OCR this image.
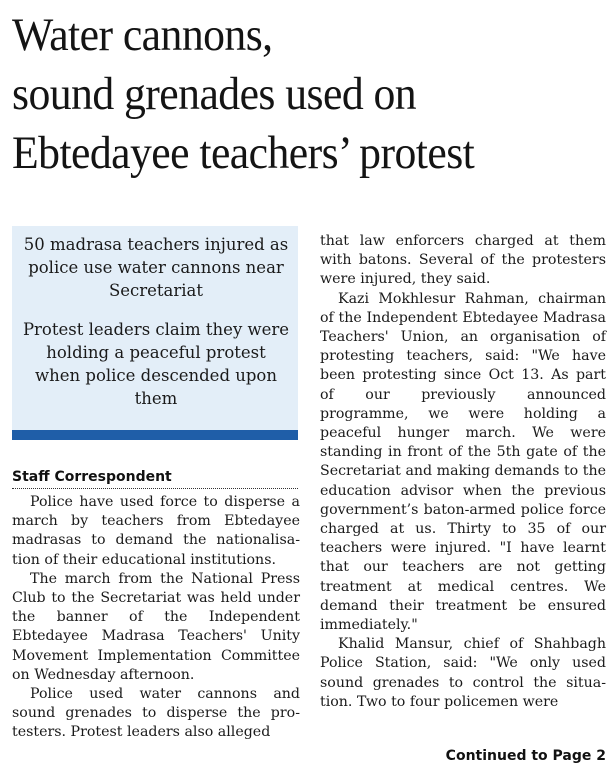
Water cannons,
sound grenades used on
Ebtedayee teachers’ protest
50 madrasa teachers injured as police use water cannons near Secretariat
Protest leaders claim they were holding a peaceful protest when police descended upon them
Staff Correspondent

Police have used force to disperse a march by teachers from Ebtedayee madrasas to demand the nationalisation of their educational institutions.

The march from the National Press Club to the Secretariat was held under the banner of the Independent Ebtedayee Madrasa Teachers' Unity Movement Implementation Committee on Wednesday afternoon.

Police used water cannons and sound grenades to disperse the protesters. Protest leaders also alleged

that law enforcers charged at them with batons. Several of the protesters were injured, they said.

Kazi Mokhlesur Rahman, chairman of the Independent Ebtedayee Madrasa Teachers' Union, an organisation of protesting teachers, said: "We have been protesting since Oct 13. As part of our previously announced programme, we were holding a peaceful hunger march. We were standing in front of the 5th gate of the Secretariat and making demands to the education advisor when the previous government’s baton-armed police force charged at us. Thirty to 35 of our teachers were injured. "I have learnt that our teachers are not getting treatment at medical centres. We demand their treatment be ensured immediately."

Khalid Mansur, chief of Shahbagh Police Station, said: "We only used sound grenades to control the situation. Two to four policemen were

Continued to Page 2
